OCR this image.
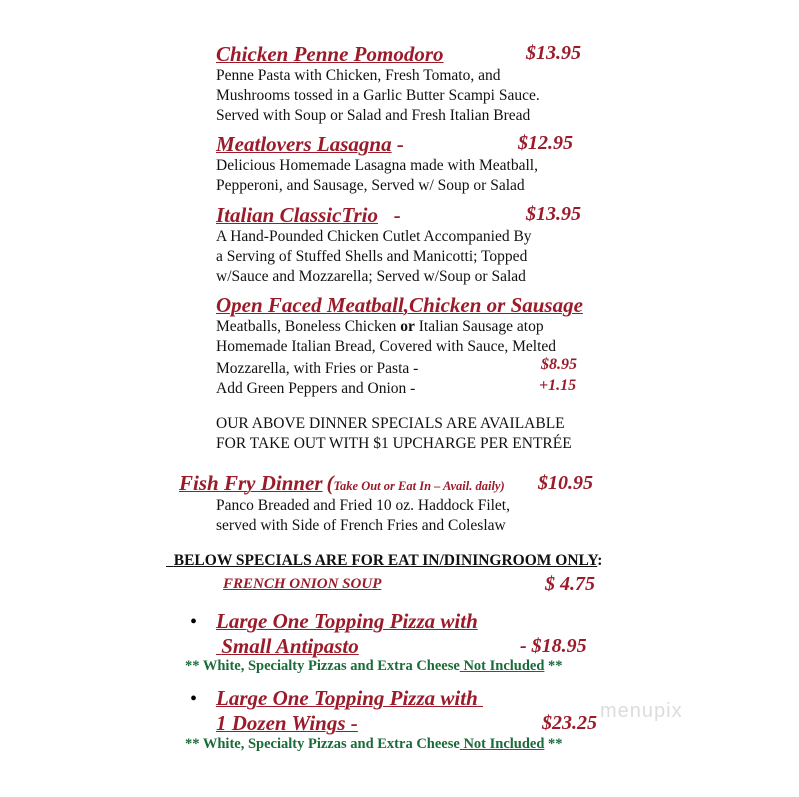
Chicken Penne Pomodoro	$13.95
Penne Pasta with Chicken, Fresh Tomato, and
Mushrooms tossed in a Garlic Butter Scampi Sauce.
Served with Soup or Salad and Fresh Italian Bread
Meatlovers Lasagna -	$12.95
Delicious Homemade Lasagna made with Meatball,
Pepperoni, and Sausage, Served w/ Soup or Salad
Italian ClassicTrio -	$13.95
A Hand-Pounded Chicken Cutlet Accompanied By
a Serving of Stuffed Shells and Manicotti; Topped
w/Sauce and Mozzarella; Served w/Soup or Salad
Open Faced Meatball,Chicken or Sausage
Meatballs, Boneless Chicken or Italian Sausage atop
Homemade Italian Bread, Covered with Sauce, Melted
Mozzarella, with Fries or Pasta -	$8.95
Add Green Peppers and Onion -	+1.15
OUR ABOVE DINNER SPECIALS ARE AVAILABLE
FOR TAKE OUT WITH $1 UPCHARGE PER ENTRÉE
Fish Fry Dinner (Take Out or Eat In – Avail. daily) $10.95
Panco Breaded and Fried 10 oz. Haddock Filet,
served with Side of French Fries and Coleslaw
BELOW SPECIALS ARE FOR EAT IN/DININGROOM ONLY:
FRENCH ONION SOUP	$ 4.75
• Large One Topping Pizza with
Small Antipasto	- $18.95
** White, Specialty Pizzas and Extra Cheese Not Included **
• Large One Topping Pizza with
1 Dozen Wings -	$23.25
** White, Specialty Pizzas and Extra Cheese Not Included **
menupix
